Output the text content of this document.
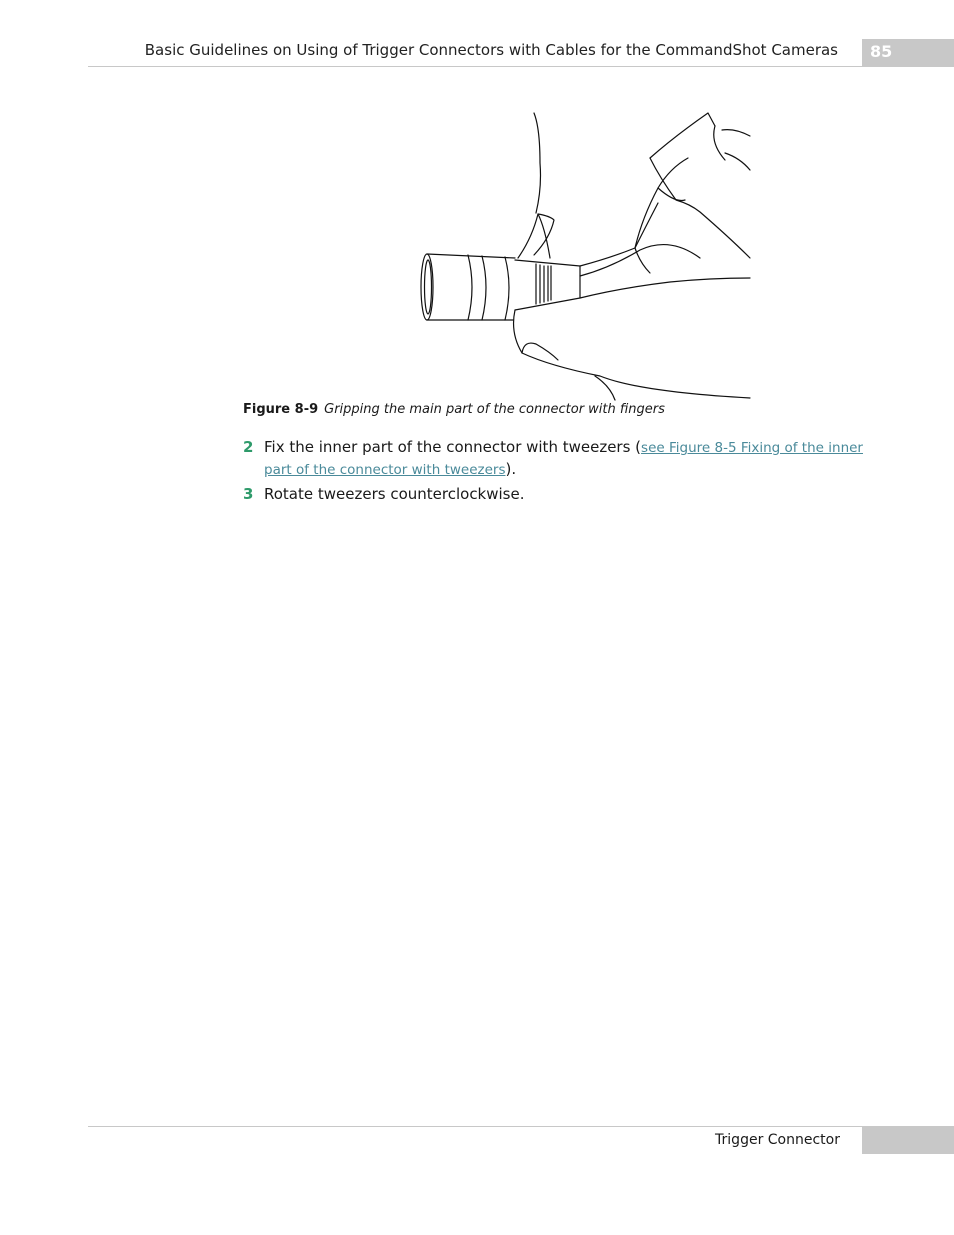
Basic Guidelines on Using of Trigger Connectors with Cables for the CommandShot Cameras 85
Figure 8-9 Gripping the main part of the connector with fingers
2 Fix the inner part of the connector with tweezers (see Figure 8-5 Fixing of the inner part of the connector with tweezers).
3 Rotate tweezers counterclockwise.
Trigger Connector
